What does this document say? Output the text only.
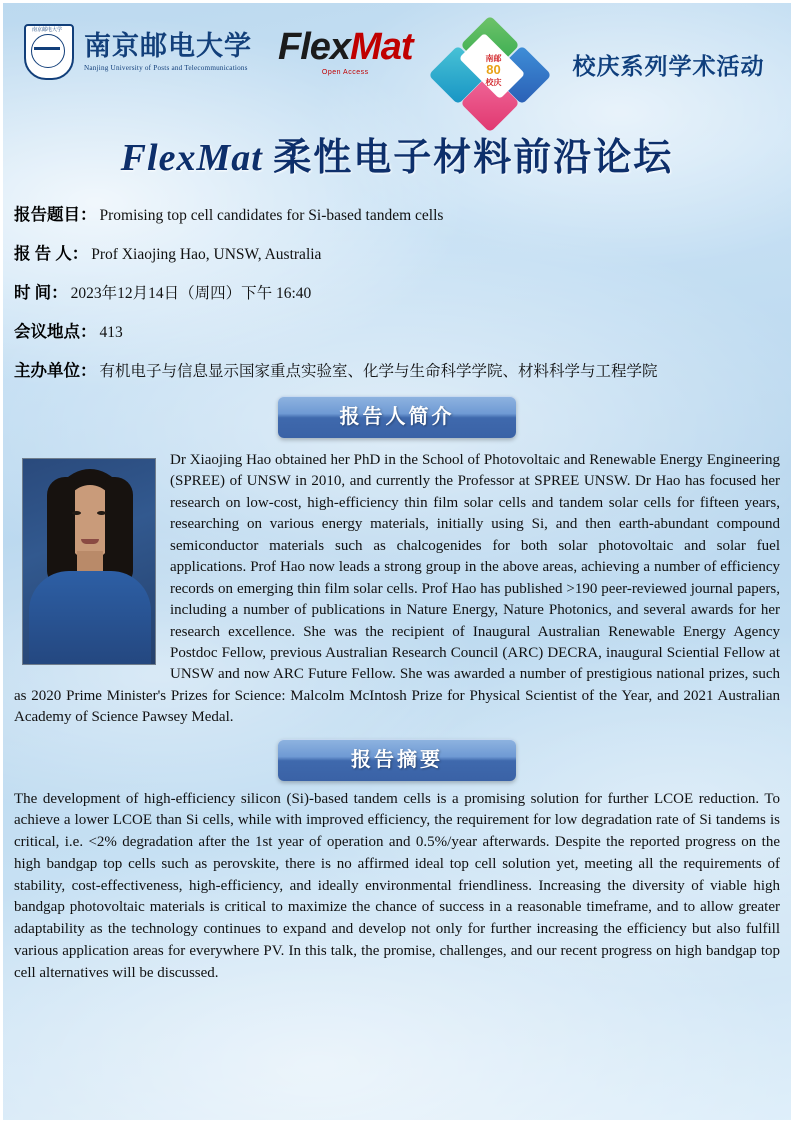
南京邮电大学
南京邮电大学
Nanjing University of Posts and Telecommunications
FlexMat
Open Access
南邮
80
校庆
校庆系列学术活动
FlexMat 柔性电子材料前沿论坛
报告题目： Promising top cell candidates for Si-based tandem cells
报 告 人： Prof Xiaojing Hao, UNSW, Australia
时 间： 2023年12月14日（周四）下午 16:40
会议地点： 413
主办单位： 有机电子与信息显示国家重点实验室、化学与生命科学学院、材料科学与工程学院
报告人简介
Dr Xiaojing Hao obtained her PhD in the School of Photovoltaic and Renewable Energy Engineering (SPREE) of UNSW in 2010, and currently the Professor at SPREE UNSW. Dr Hao has focused her research on low-cost, high-efficiency thin film solar cells and tandem solar cells for fifteen years, researching on various energy materials, initially using Si, and then earth-abundant compound semiconductor materials such as chalcogenides for both solar photovoltaic and solar fuel applications. Prof Hao now leads a strong group in the above areas, achieving a number of efficiency records on emerging thin film solar cells. Prof Hao has published >190 peer-reviewed journal papers, including a number of publications in Nature Energy, Nature Photonics, and several awards for her research excellence. She was the recipient of Inaugural Australian Renewable Energy Agency Postdoc Fellow, previous Australian Research Council (ARC) DECRA, inaugural Sciential Fellow at UNSW and now ARC Future Fellow. She was awarded a number of prestigious national prizes, such as 2020 Prime Minister's Prizes for Science: Malcolm McIntosh Prize for Physical Scientist of the Year, and 2021 Australian Academy of Science Pawsey Medal.
报告摘要
The development of high-efficiency silicon (Si)-based tandem cells is a promising solution for further LCOE reduction. To achieve a lower LCOE than Si cells, while with improved efficiency, the requirement for low degradation rate of Si tandems is critical, i.e. <2% degradation after the 1st year of operation and 0.5%/year afterwards. Despite the reported progress on the high bandgap top cells such as perovskite, there is no affirmed ideal top cell solution yet, meeting all the requirements of stability, cost-effectiveness, high-efficiency, and ideally environmental friendliness. Increasing the diversity of viable high bandgap photovoltaic materials is critical to maximize the chance of success in a reasonable timeframe, and to allow greater adaptability as the technology continues to expand and develop not only for further increasing the efficiency but also fulfill various application areas for everywhere PV. In this talk, the promise, challenges, and our recent progress on high bandgap top cell alternatives will be discussed.
